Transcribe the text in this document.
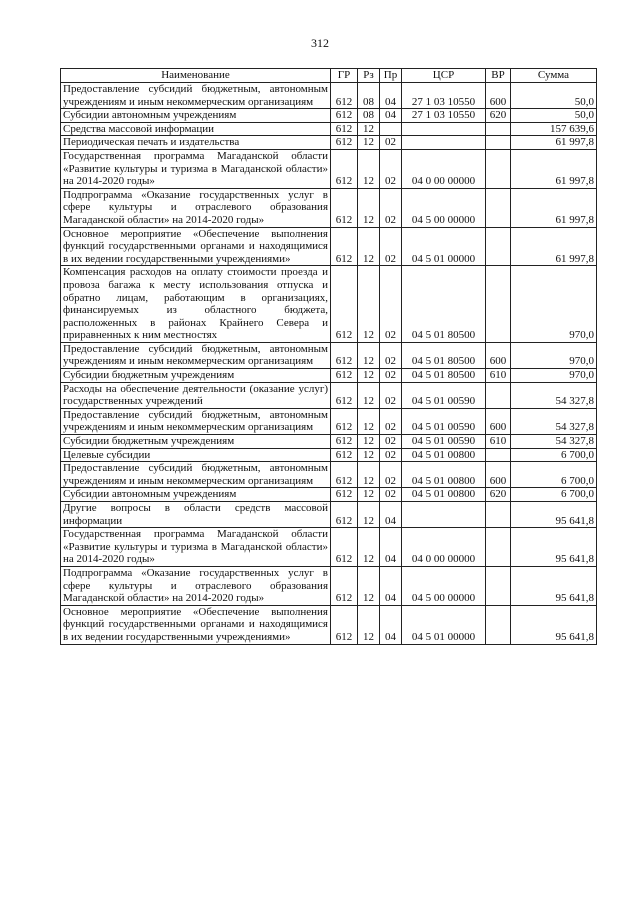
312
Наименование	ГР	Рз	Пр	ЦСР	ВР	Сумма
Предоставление субсидий бюджетным, автономным учреждениям и иным некоммерческим организациям	612	08	04	27 1 03 10550	600	50,0
Субсидии автономным учреждениям	612	08	04	27 1 03 10550	620	50,0
Средства массовой информации	612	12				157 639,6
Периодическая печать и издательства	612	12	02			61 997,8
Государственная программа Магаданской области «Развитие культуры и туризма в Магаданской области» на 2014-2020 годы»	612	12	02	04 0 00 00000		61 997,8
Подпрограмма «Оказание государственных услуг в сфере культуры и отраслевого образования Магаданской области» на 2014-2020 годы»	612	12	02	04 5 00 00000		61 997,8
Основное мероприятие «Обеспечение выполнения функций государственными органами и находящимися в их ведении государственными учреждениями»	612	12	02	04 5 01 00000		61 997,8
Компенсация расходов на оплату стоимости проезда и провоза багажа к месту использования отпуска и обратно лицам, работающим в организациях, финансируемых из областного бюджета, расположенных в районах Крайнего Севера и приравненных к ним местностях	612	12	02	04 5 01 80500		970,0
Предоставление субсидий бюджетным, автономным учреждениям и иным некоммерческим организациям	612	12	02	04 5 01 80500	600	970,0
Субсидии бюджетным учреждениям	612	12	02	04 5 01 80500	610	970,0
Расходы на обеспечение деятельности (оказание услуг) государственных учреждений	612	12	02	04 5 01 00590		54 327,8
Предоставление субсидий бюджетным, автономным учреждениям и иным некоммерческим организациям	612	12	02	04 5 01 00590	600	54 327,8
Субсидии бюджетным учреждениям	612	12	02	04 5 01 00590	610	54 327,8
Целевые субсидии	612	12	02	04 5 01 00800		6 700,0
Предоставление субсидий бюджетным, автономным учреждениям и иным некоммерческим организациям	612	12	02	04 5 01 00800	600	6 700,0
Субсидии автономным учреждениям	612	12	02	04 5 01 00800	620	6 700,0
Другие вопросы в области средств массовой информации	612	12	04			95 641,8
Государственная программа Магаданской области «Развитие культуры и туризма в Магаданской области» на 2014-2020 годы»	612	12	04	04 0 00 00000		95 641,8
Подпрограмма «Оказание государственных услуг в сфере культуры и отраслевого образования Магаданской области» на 2014-2020 годы»	612	12	04	04 5 00 00000		95 641,8
Основное мероприятие «Обеспечение выполнения функций государственными органами и находящимися в их ведении государственными учреждениями»	612	12	04	04 5 01 00000		95 641,8
